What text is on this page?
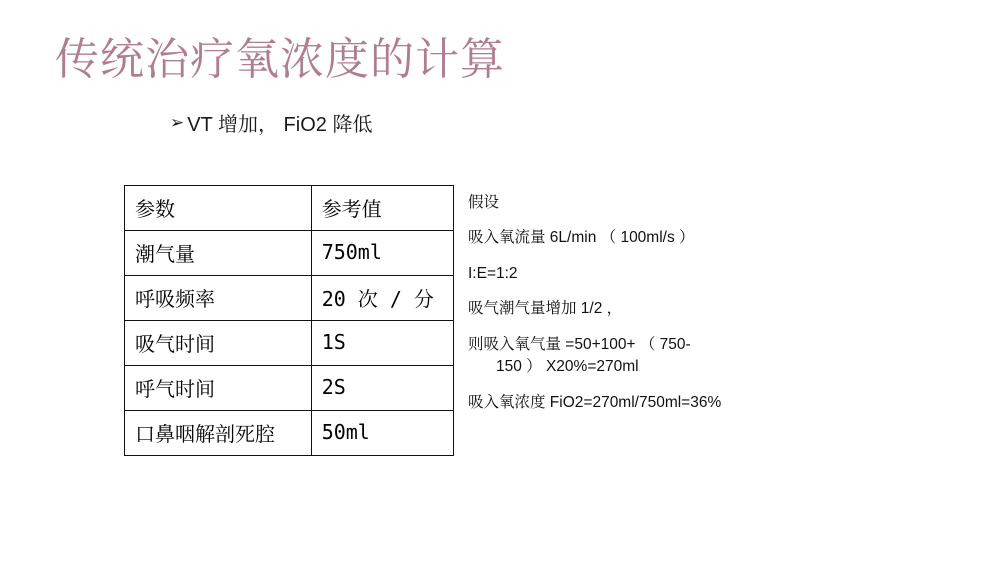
传统治疗氧浓度的计算
➢ VT 增加， FiO2 降低
参数	参考值
潮气量	750ml
呼吸频率	20 次 / 分
吸气时间	1S
呼气时间	2S
口鼻咽解剖死腔	50ml

假设

吸入氧流量 6L/min （ 100ml/s ）

I:E=1:2

吸气潮气量增加 1/2 ，

则吸入氧气量 =50+100+ （ 750-
150 ） X20%=270ml

吸入氧浓度 FiO2=270ml/750ml=36%
